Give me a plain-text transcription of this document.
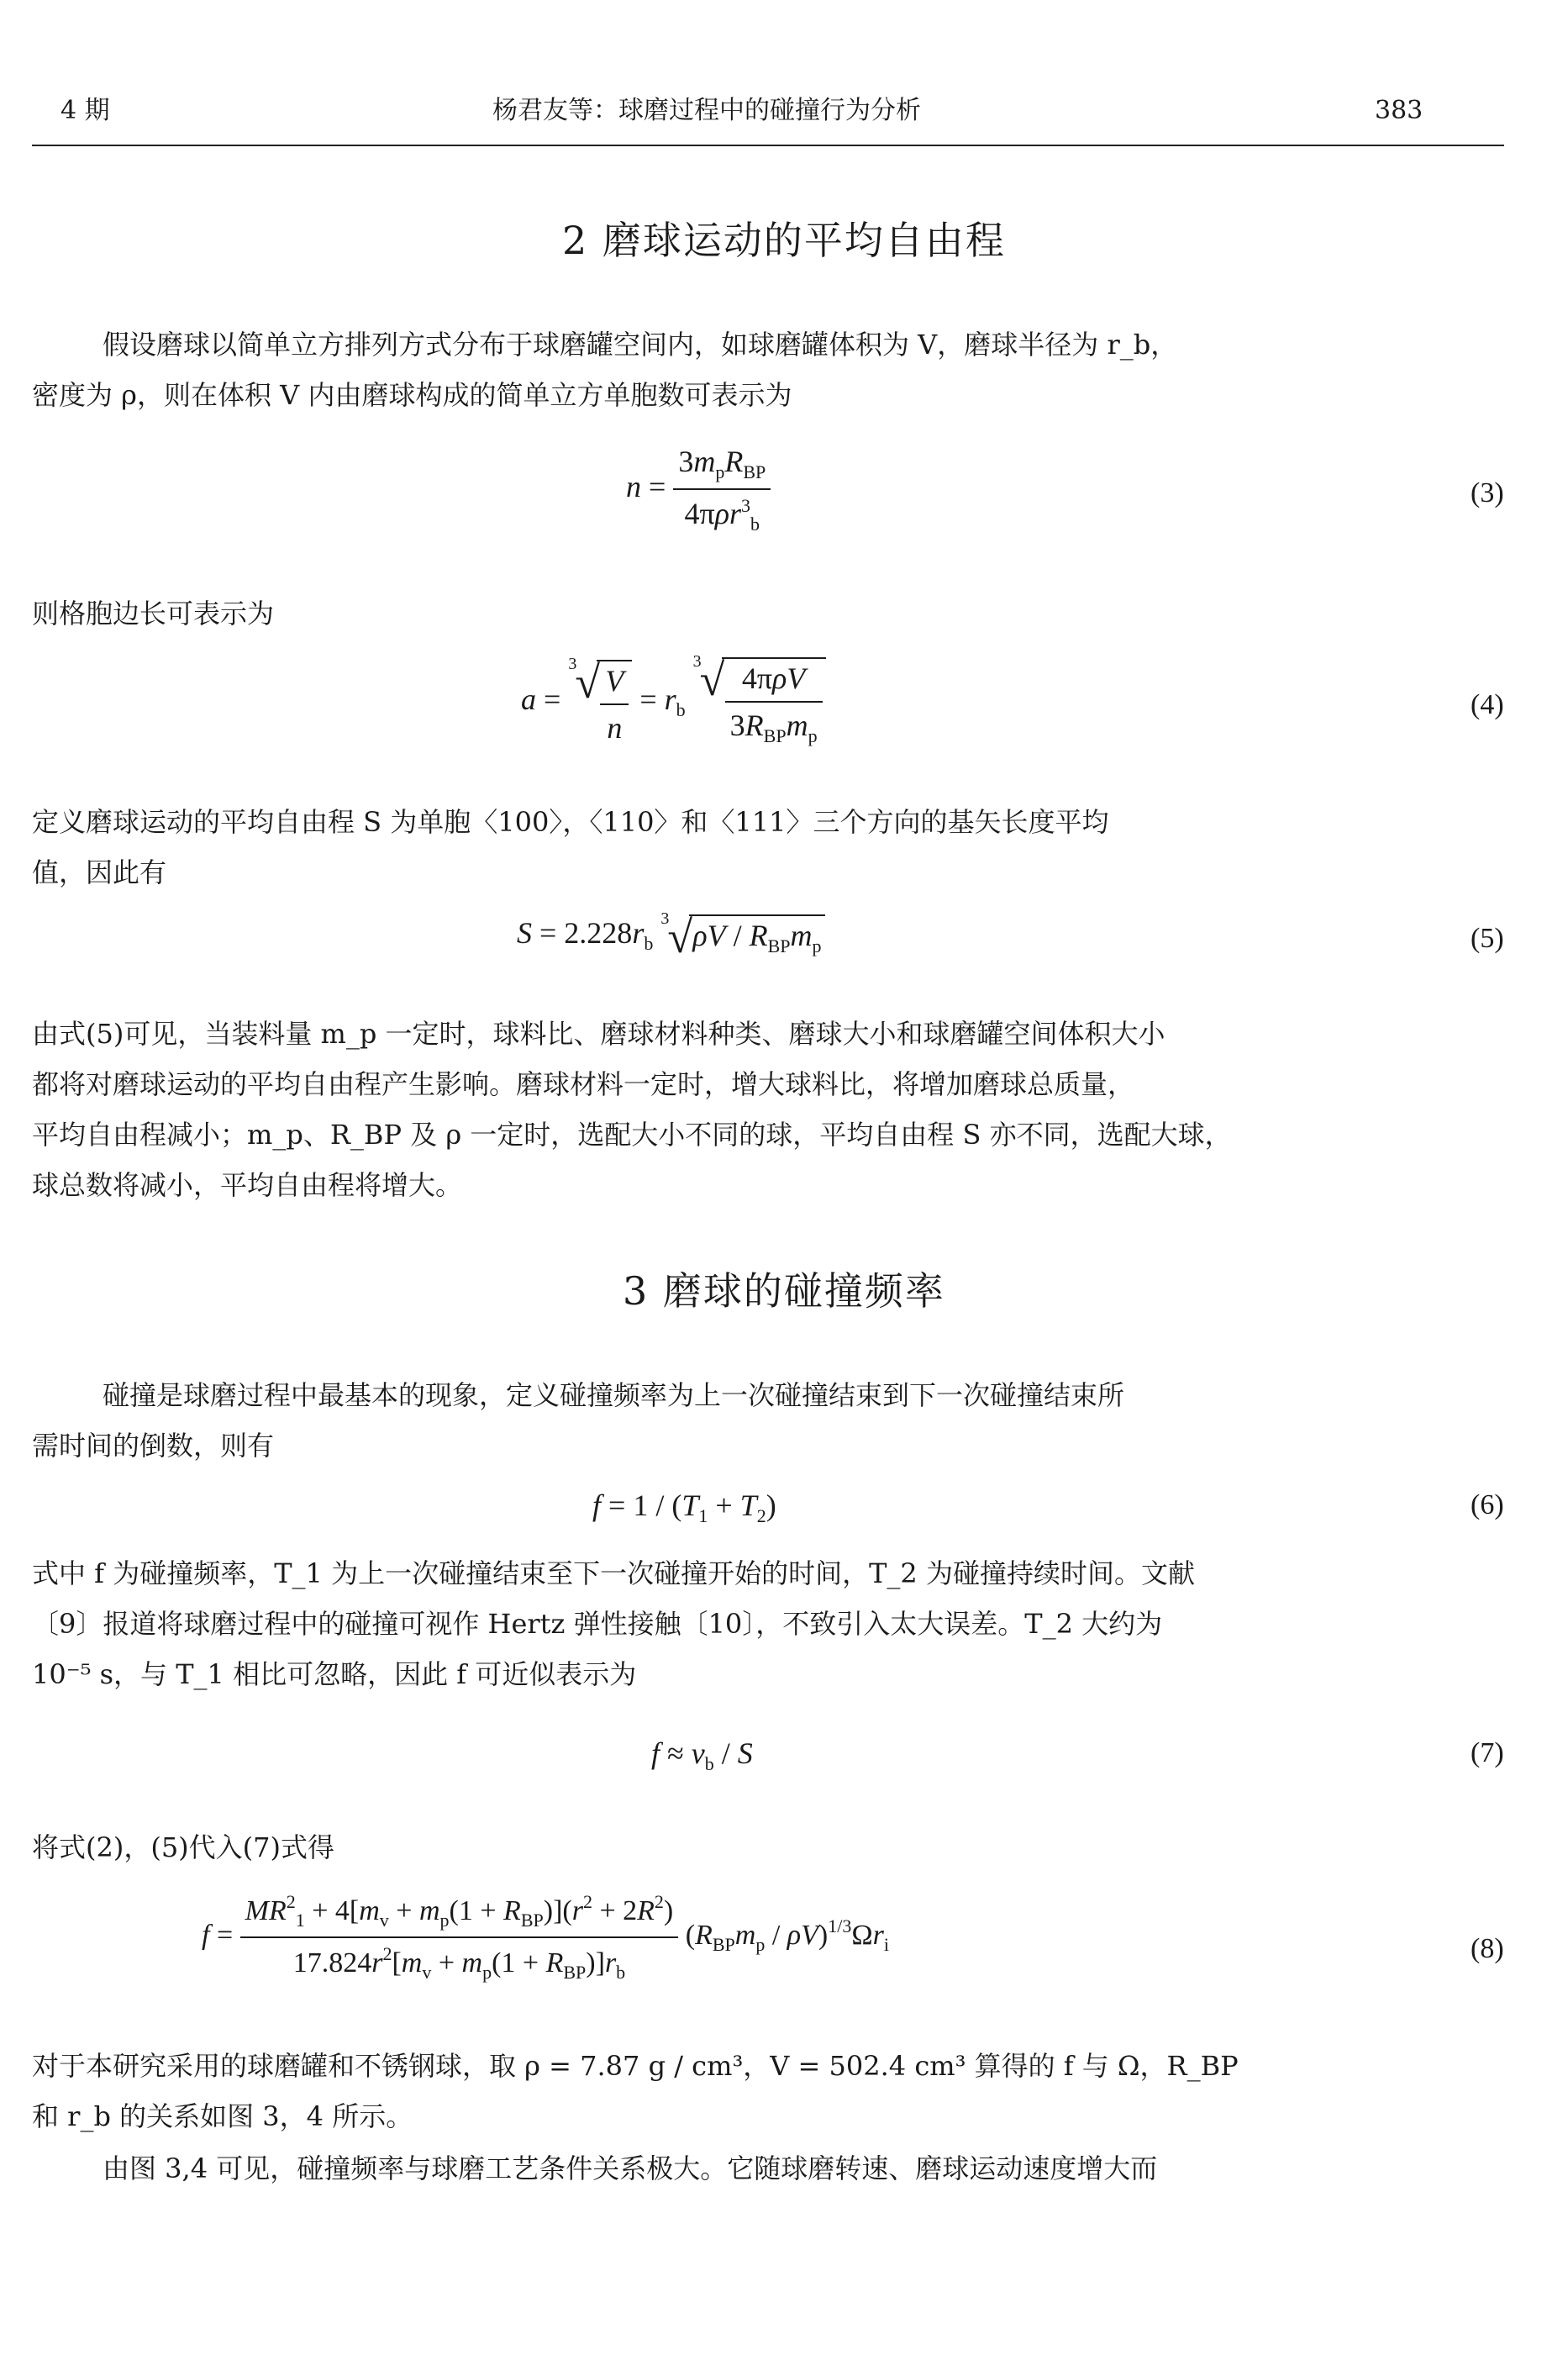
4 期	杨君友等：球磨过程中的碰撞行为分析	383
2 磨球运动的平均自由程
假设磨球以简单立方排列方式分布于球磨罐空间内，如球磨罐体积为 V，磨球半径为 r_b，
密度为 ρ，则在体积 V 内由磨球构成的简单立方单胞数可表示为
$n = \frac{3m_pR_{BP}}{4\pi\rho r^3_b}$	(3)
则格胞边长可表示为
a =
3
√ $\frac{V}{n} = r_b$
3
√ $\frac{\text{4πρV}}{3R_{BP}m_p}$	(4)
定义磨球运动的平均自由程 S 为单胞〈100〉，〈110〉和〈111〉三个方向的基矢长度平均
值，因此有
$S = 2.228r_b$
3
√ ρV / $R_{BP}m_p$	(5)
由式(5)可见，当装料量 m_p 一定时，球料比、磨球材料种类、磨球大小和球磨罐空间体积大小
都将对磨球运动的平均自由程产生影响。磨球材料一定时，增大球料比，将增加磨球总质量，
平均自由程减小；m_p、R_BP 及 ρ 一定时，选配大小不同的球，平均自由程 S 亦不同，选配大球，
球总数将减小，平均自由程将增大。
3 磨球的碰撞频率
碰撞是球磨过程中最基本的现象，定义碰撞频率为上一次碰撞结束到下一次碰撞结束所
需时间的倒数，则有
$f = 1 / (T_1 + T_2)$	(6)
式中 f 为碰撞频率，T_1 为上一次碰撞结束至下一次碰撞开始的时间，T_2 为碰撞持续时间。文献
〔9〕报道将球磨过程中的碰撞可视作 Hertz 弹性接触〔10〕，不致引入太大误差。T_2 大约为
10⁻⁵ s，与 T_1 相比可忽略，因此 f 可近似表示为
$f \approx v_b / S$	(7)
将式(2)，(5)代入(7)式得
$f = \frac{MR^2_1 + 4[m_v + m_p(1 + R_{BP})](r^2 + 2R^2)}{17.824r^2[m_v + m_p(1 + R_{BP})]r_b} (R_{BP}m_p / \rho V)^{1/3}\Omega r_i$	(8)
对于本研究采用的球磨罐和不锈钢球，取 ρ = 7.87 g / cm³，V = 502.4 cm³ 算得的 f 与 Ω，R_BP
和 r_b 的关系如图 3，4 所示。
由图 3,4 可见，碰撞频率与球磨工艺条件关系极大。它随球磨转速、磨球运动速度增大而
